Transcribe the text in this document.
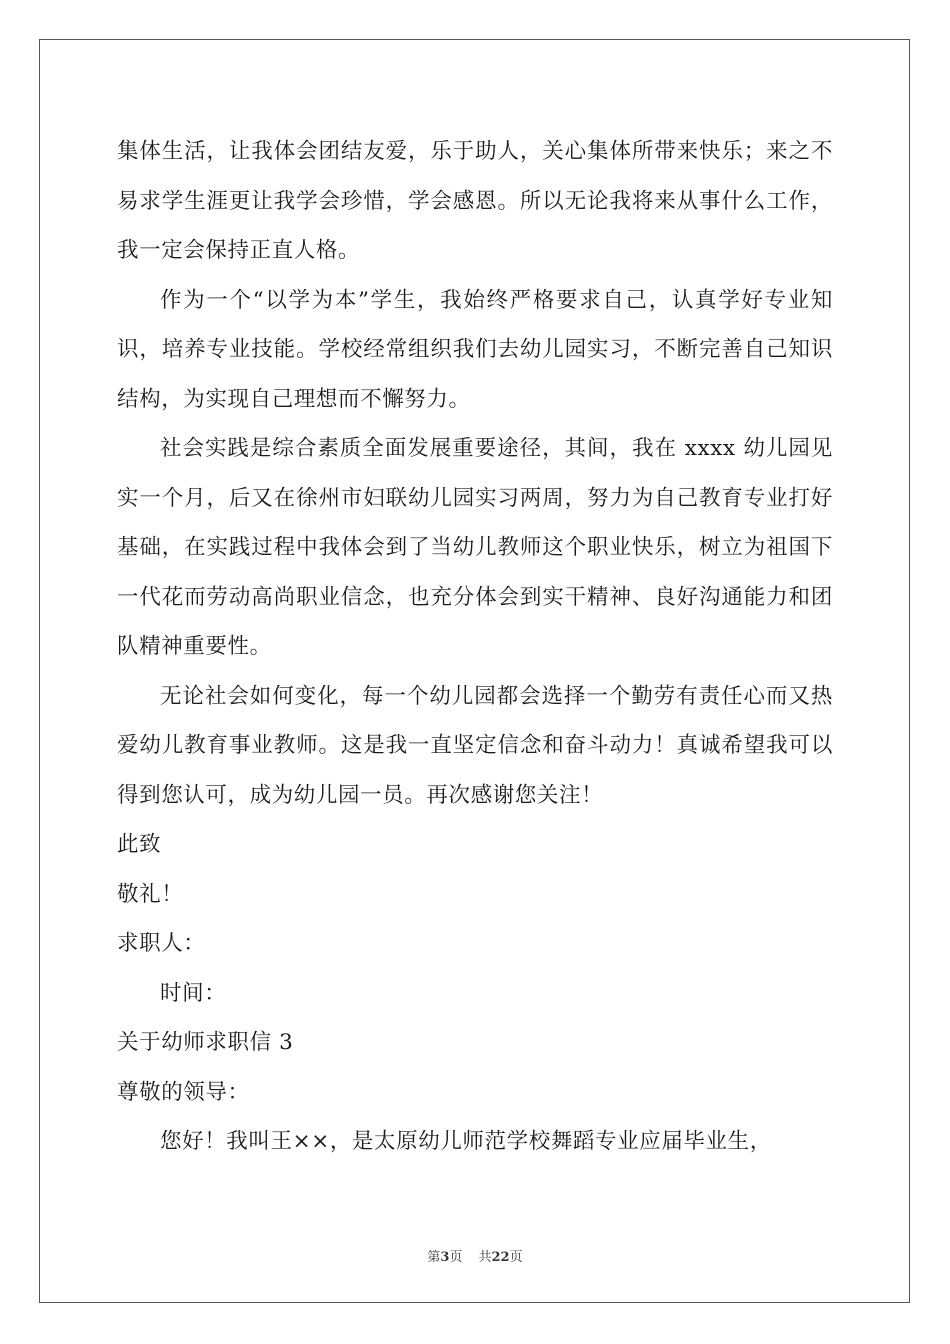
集体生活，让我体会团结友爱，乐于助人，关心集体所带来快乐；来之不易求学生涯更让我学会珍惜，学会感恩。所以无论我将来从事什么工作，我一定会保持正直人格。

作为一个“以学为本”学生，我始终严格要求自己，认真学好专业知识，培养专业技能。学校经常组织我们去幼儿园实习，不断完善自己知识结构，为实现自己理想而不懈努力。

社会实践是综合素质全面发展重要途径，其间，我在 xxxx 幼儿园见实一个月，后又在徐州市妇联幼儿园实习两周，努力为自己教育专业打好基础，在实践过程中我体会到了当幼儿教师这个职业快乐，树立为祖国下一代花而劳动高尚职业信念，也充分体会到实干精神、良好沟通能力和团队精神重要性。

无论社会如何变化，每一个幼儿园都会选择一个勤劳有责任心而又热爱幼儿教育事业教师。这是我一直坚定信念和奋斗动力！真诚希望我可以得到您认可，成为幼儿园一员。再次感谢您关注！

此致

敬礼！

求职人：

时间：

关于幼师求职信 3

尊敬的领导：

您好！我叫王××，是太原幼儿师范学校舞蹈专业应届毕业生，

第3页 共22页
